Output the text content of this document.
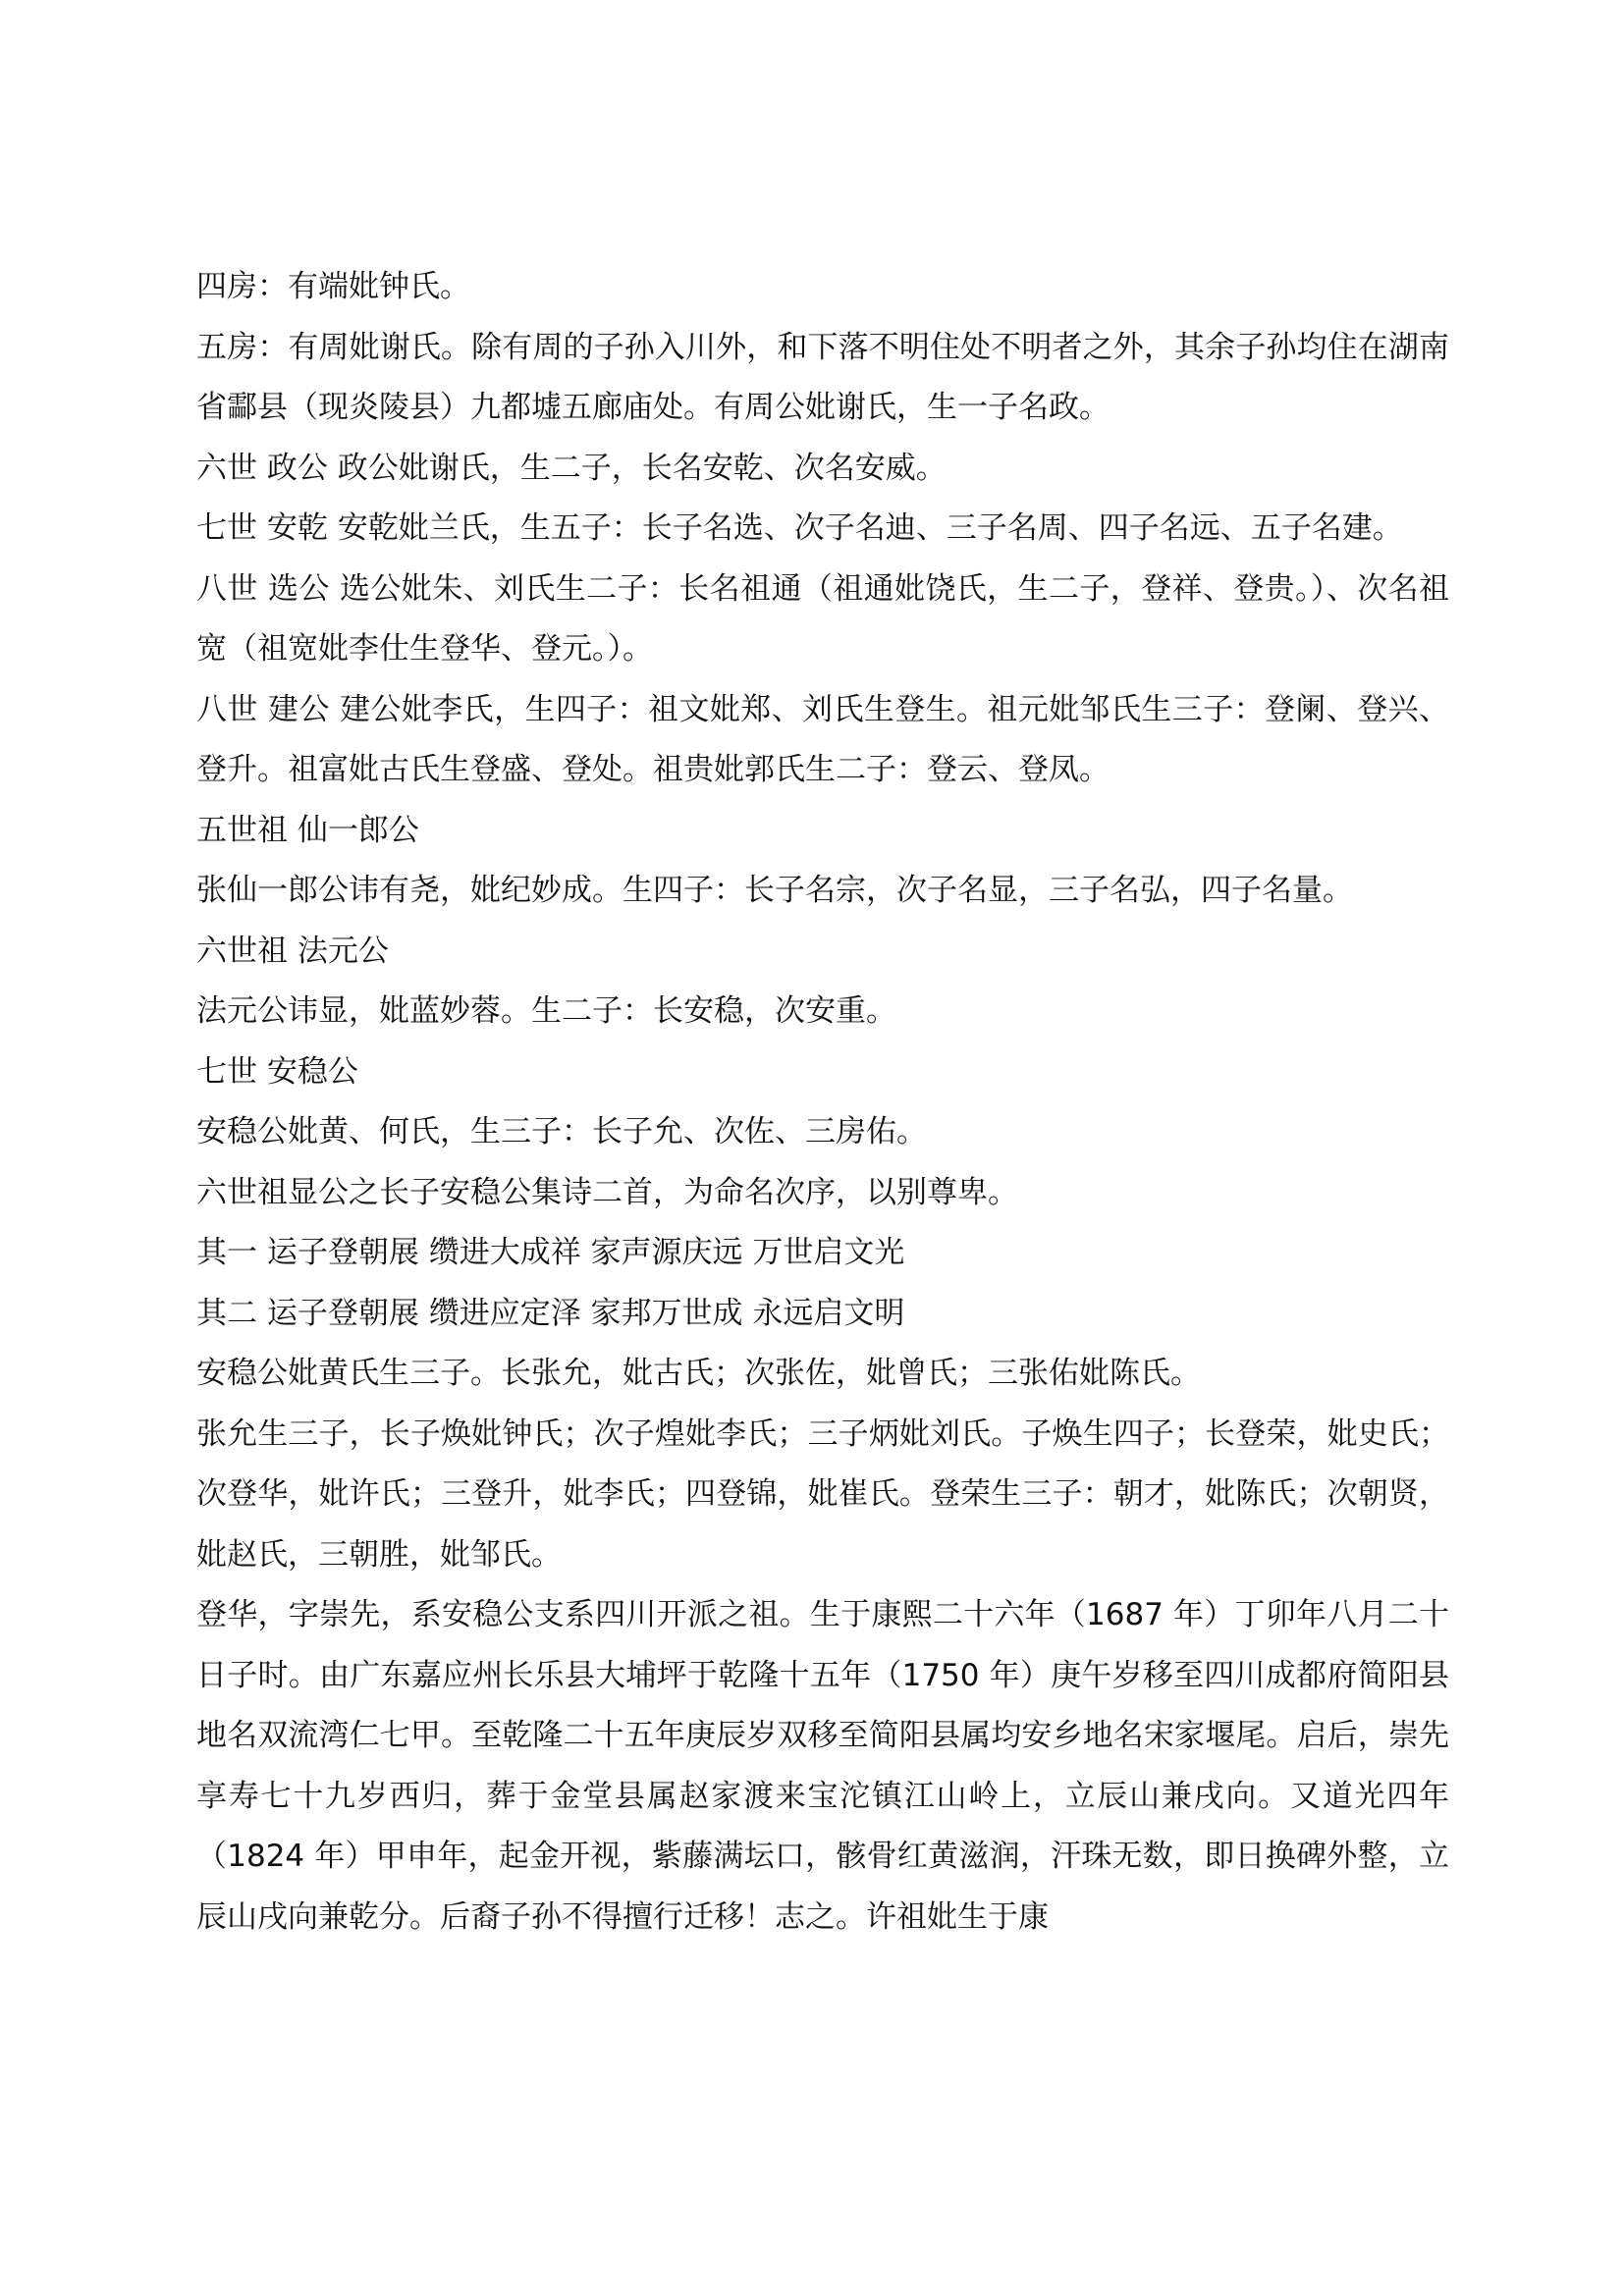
四房：有端妣钟氏。

五房：有周妣谢氏。除有周的子孙入川外，和下落不明住处不明者之外，其余子孙均住在湖南省酃县（现炎陵县）九都墟五廊庙处。有周公妣谢氏，生一子名政。

六世 政公 政公妣谢氏，生二子，长名安乾、次名安威。

七世 安乾 安乾妣兰氏，生五子：长子名选、次子名迪、三子名周、四子名远、五子名建。

八世 选公 选公妣朱、刘氏生二子：长名祖通（祖通妣饶氏，生二子，登祥、登贵。）、次名祖宽（祖宽妣李仕生登华、登元。）。

八世 建公 建公妣李氏，生四子：祖文妣郑、刘氏生登生。祖元妣邹氏生三子：登阑、登兴、登升。祖富妣古氏生登盛、登处。祖贵妣郭氏生二子：登云、登凤。

五世祖 仙一郎公

张仙一郎公讳有尧，妣纪妙成。生四子：长子名宗，次子名显，三子名弘，四子名量。

六世祖 法元公

法元公讳显，妣蓝妙蓉。生二子：长安稳，次安重。

七世 安稳公

安稳公妣黄、何氏，生三子：长子允、次佐、三房佑。

六世祖显公之长子安稳公集诗二首，为命名次序，以别尊卑。

其一 运子登朝展 缵进大成祥 家声源庆远 万世启文光

其二 运子登朝展 缵进应定泽 家邦万世成 永远启文明

安稳公妣黄氏生三子。长张允，妣古氏；次张佐，妣曾氏；三张佑妣陈氏。

张允生三子，长子焕妣钟氏；次子煌妣李氏；三子炳妣刘氏。子焕生四子；长登荣，妣史氏；次登华，妣许氏；三登升，妣李氏；四登锦，妣崔氏。登荣生三子：朝才，妣陈氏；次朝贤，妣赵氏，三朝胜，妣邹氏。

登华，字崇先，系安稳公支系四川开派之祖。生于康熙二十六年（1687 年）丁卯年八月二十日子时。由广东嘉应州长乐县大埔坪于乾隆十五年（1750 年）庚午岁移至四川成都府简阳县地名双流湾仁七甲。至乾隆二十五年庚辰岁双移至简阳县属均安乡地名宋家堰尾。启后，崇先享寿七十九岁西归，葬于金堂县属赵家渡来宝沱镇江山岭上，立辰山兼戌向。又道光四年（1824 年）甲申年，起金开视，紫藤满坛口，骸骨红黄滋润，汗珠无数，即日换碑外整，立辰山戌向兼乾分。后裔子孙不得擅行迁移！志之。许祖妣生于康
